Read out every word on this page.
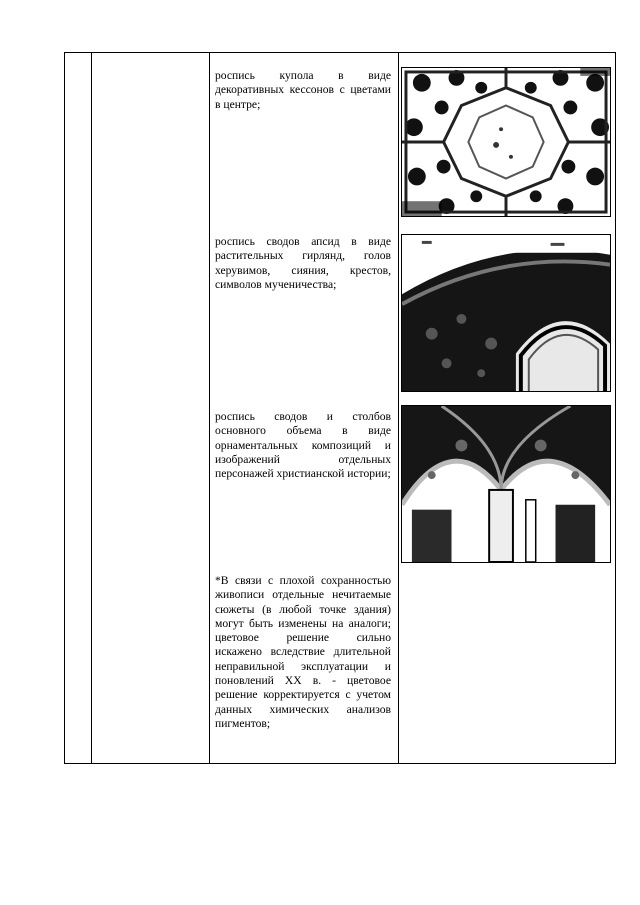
роспись купола в виде декоративных кессонов с цветами в центре;
роспись сводов апсид в виде растительных гирлянд, голов херувимов, сияния, крестов, символов мученичества;
роспись сводов и столбов основного объема в виде орнаментальных композиций и изображений отдельных персонажей христианской истории;
*В связи с плохой сохранностью живописи отдельные нечитаемые сюжеты (в любой точке здания) могут быть изменены на аналоги; цветовое решение сильно искажено вследствие длительной неправильной эксплуатации и поновлений XX в. - цветовое решение корректируется с учетом данных химических анализов пигментов;
